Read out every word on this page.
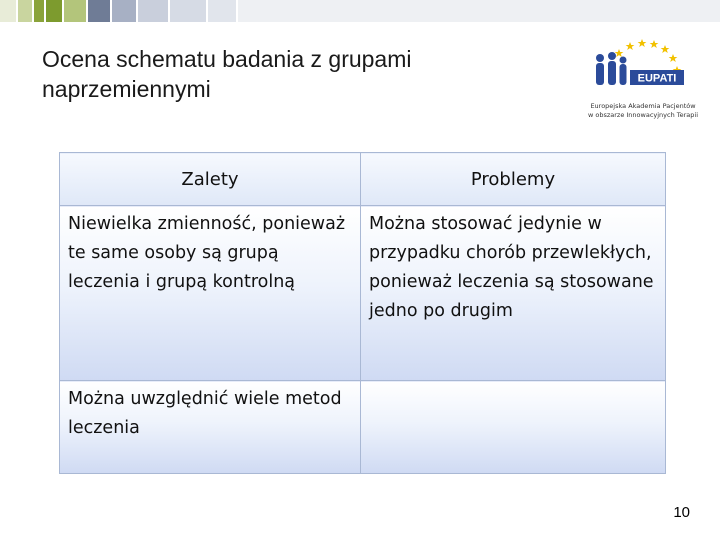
Ocena schematu badania z grupami
naprzemiennymi	EUPATI
Europejska Akademia Pacjentów
w obszarze Innowacyjnych Terapii
Zalety	Problemy
Niewielka zmienność, ponieważ te same osoby są grupą leczenia i grupą kontrolną	Można stosować jedynie w przypadku chorób przewlekłych, ponieważ leczenia są stosowane jedno po drugim
Można uwzględnić wiele metod leczenia	
10
